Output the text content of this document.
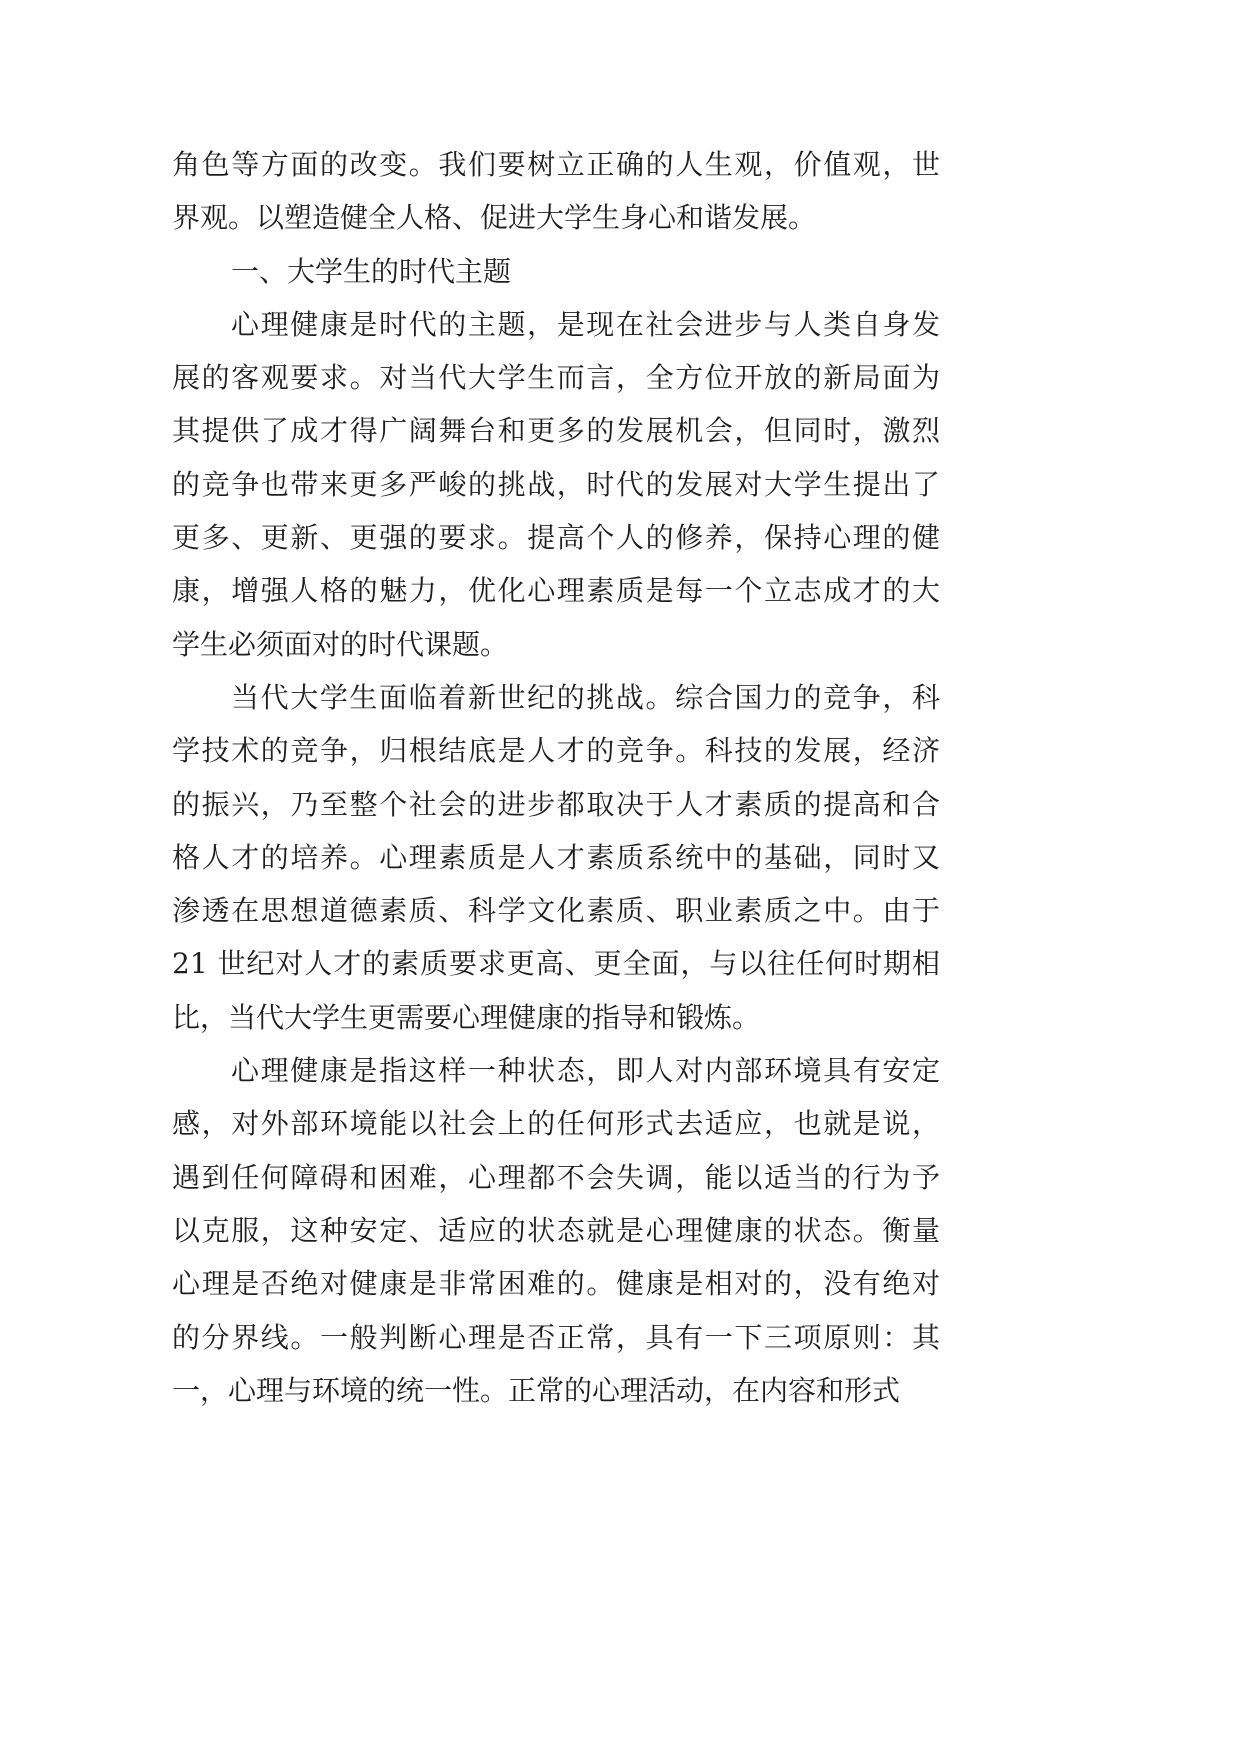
角色等方面的改变。我们要树立正确的人生观，价值观，世
界观。以塑造健全人格、促进大学生身心和谐发展。
一、大学生的时代主题
心理健康是时代的主题，是现在社会进步与人类自身发
展的客观要求。对当代大学生而言，全方位开放的新局面为
其提供了成才得广阔舞台和更多的发展机会，但同时，激烈
的竞争也带来更多严峻的挑战，时代的发展对大学生提出了
更多、更新、更强的要求。提高个人的修养，保持心理的健
康，增强人格的魅力，优化心理素质是每一个立志成才的大
学生必须面对的时代课题。
当代大学生面临着新世纪的挑战。综合国力的竞争，科
学技术的竞争，归根结底是人才的竞争。科技的发展，经济
的振兴，乃至整个社会的进步都取决于人才素质的提高和合
格人才的培养。心理素质是人才素质系统中的基础，同时又
渗透在思想道德素质、科学文化素质、职业素质之中。由于
21 世纪对人才的素质要求更高、更全面，与以往任何时期相
比，当代大学生更需要心理健康的指导和锻炼。
心理健康是指这样一种状态，即人对内部环境具有安定
感，对外部环境能以社会上的任何形式去适应，也就是说，
遇到任何障碍和困难，心理都不会失调，能以适当的行为予
以克服，这种安定、适应的状态就是心理健康的状态。衡量
心理是否绝对健康是非常困难的。健康是相对的，没有绝对
的分界线。一般判断心理是否正常，具有一下三项原则：其
一，心理与环境的统一性。正常的心理活动，在内容和形式
